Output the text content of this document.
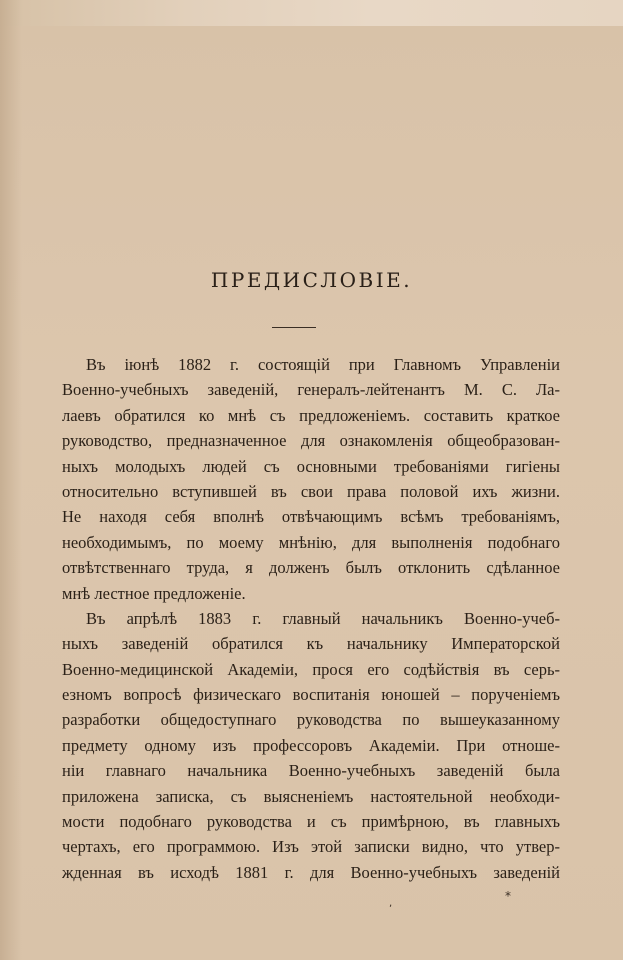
ПРЕДИСЛОВІЕ.
Въ іюнѣ 1882 г. состоящій при Главномъ Управленіи
Военно-учебныхъ заведеній, генералъ-лейтенантъ М. С. Ла-
лаевъ обратился ко мнѣ съ предложеніемъ. составить краткое
руководство, предназначенное для ознакомленія общеобразован-
ныхъ молодыхъ людей съ основными требованіями гигіены
относительно вступившей въ свои права половой ихъ жизни.
Не находя себя вполнѣ отвѣчающимъ всѣмъ требованіямъ,
необходимымъ, по моему мнѣнію, для выполненія подобнаго
отвѣтственнаго труда, я долженъ былъ отклонить сдѣланное
мнѣ лестное предложеніе.
Въ апрѣлѣ 1883 г. главный начальникъ Военно-учеб-
ныхъ заведеній обратился къ начальнику Императорской
Военно-медицинской Академіи, прося его содѣйствія въ серь-
езномъ вопросѣ физическаго воспитанія юношей – порученіемъ
разработки общедоступнаго руководства по вышеуказанному
предмету одному изъ профессоровъ Академіи. При отноше-
ніи главнаго начальника Военно-учебныхъ заведеній была
приложена записка, съ выясненіемъ настоятельной необходи-
мости подобнаго руководства и съ примѣрною, въ главныхъ
чертахъ, его программою. Изъ этой записки видно, что утвер-
жденная въ исходѣ 1881 г. для Военно-учебныхъ заведеній
,
*
